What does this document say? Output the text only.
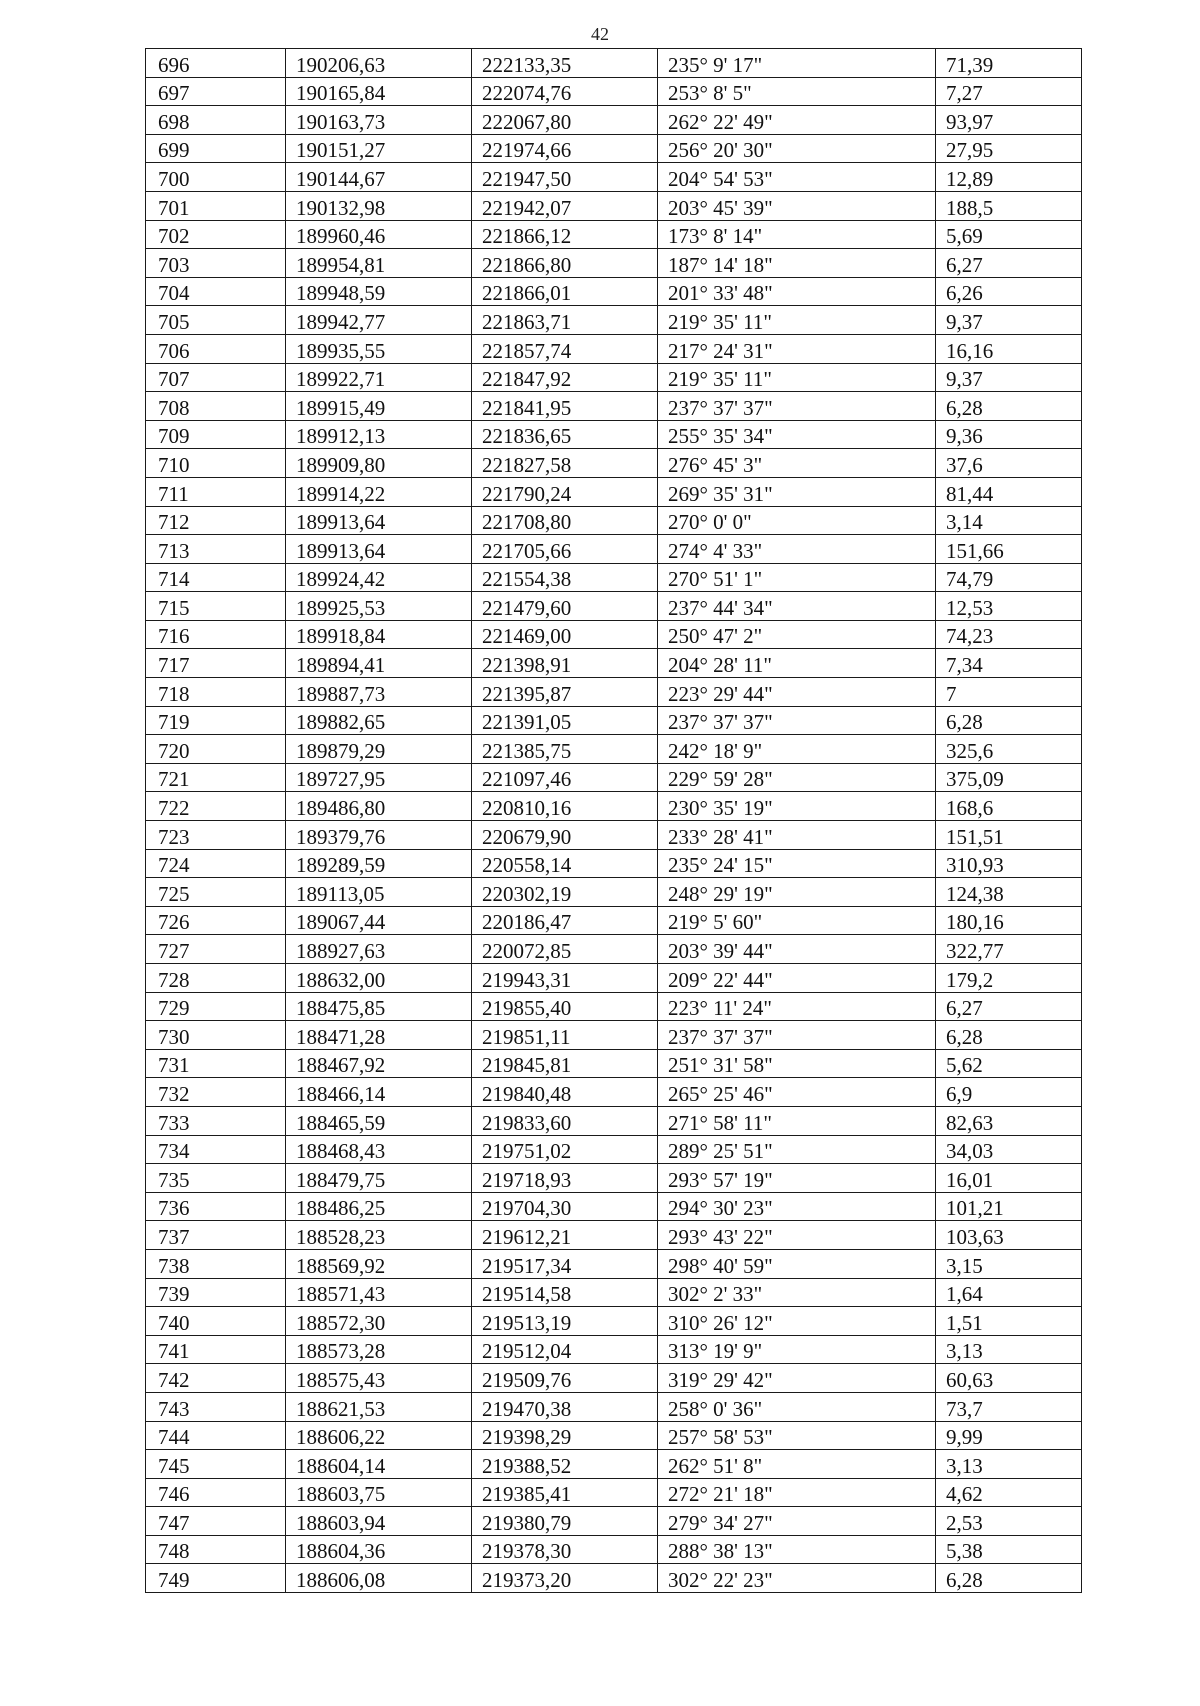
42
696	190206,63	222133,35	235° 9' 17"	71,39
697	190165,84	222074,76	253° 8' 5"	7,27
698	190163,73	222067,80	262° 22' 49"	93,97
699	190151,27	221974,66	256° 20' 30"	27,95
700	190144,67	221947,50	204° 54' 53"	12,89
701	190132,98	221942,07	203° 45' 39"	188,5
702	189960,46	221866,12	173° 8' 14"	5,69
703	189954,81	221866,80	187° 14' 18"	6,27
704	189948,59	221866,01	201° 33' 48"	6,26
705	189942,77	221863,71	219° 35' 11"	9,37
706	189935,55	221857,74	217° 24' 31"	16,16
707	189922,71	221847,92	219° 35' 11"	9,37
708	189915,49	221841,95	237° 37' 37"	6,28
709	189912,13	221836,65	255° 35' 34"	9,36
710	189909,80	221827,58	276° 45' 3"	37,6
711	189914,22	221790,24	269° 35' 31"	81,44
712	189913,64	221708,80	270° 0' 0"	3,14
713	189913,64	221705,66	274° 4' 33"	151,66
714	189924,42	221554,38	270° 51' 1"	74,79
715	189925,53	221479,60	237° 44' 34"	12,53
716	189918,84	221469,00	250° 47' 2"	74,23
717	189894,41	221398,91	204° 28' 11"	7,34
718	189887,73	221395,87	223° 29' 44"	7
719	189882,65	221391,05	237° 37' 37"	6,28
720	189879,29	221385,75	242° 18' 9"	325,6
721	189727,95	221097,46	229° 59' 28"	375,09
722	189486,80	220810,16	230° 35' 19"	168,6
723	189379,76	220679,90	233° 28' 41"	151,51
724	189289,59	220558,14	235° 24' 15"	310,93
725	189113,05	220302,19	248° 29' 19"	124,38
726	189067,44	220186,47	219° 5' 60"	180,16
727	188927,63	220072,85	203° 39' 44"	322,77
728	188632,00	219943,31	209° 22' 44"	179,2
729	188475,85	219855,40	223° 11' 24"	6,27
730	188471,28	219851,11	237° 37' 37"	6,28
731	188467,92	219845,81	251° 31' 58"	5,62
732	188466,14	219840,48	265° 25' 46"	6,9
733	188465,59	219833,60	271° 58' 11"	82,63
734	188468,43	219751,02	289° 25' 51"	34,03
735	188479,75	219718,93	293° 57' 19"	16,01
736	188486,25	219704,30	294° 30' 23"	101,21
737	188528,23	219612,21	293° 43' 22"	103,63
738	188569,92	219517,34	298° 40' 59"	3,15
739	188571,43	219514,58	302° 2' 33"	1,64
740	188572,30	219513,19	310° 26' 12"	1,51
741	188573,28	219512,04	313° 19' 9"	3,13
742	188575,43	219509,76	319° 29' 42"	60,63
743	188621,53	219470,38	258° 0' 36"	73,7
744	188606,22	219398,29	257° 58' 53"	9,99
745	188604,14	219388,52	262° 51' 8"	3,13
746	188603,75	219385,41	272° 21' 18"	4,62
747	188603,94	219380,79	279° 34' 27"	2,53
748	188604,36	219378,30	288° 38' 13"	5,38
749	188606,08	219373,20	302° 22' 23"	6,28
